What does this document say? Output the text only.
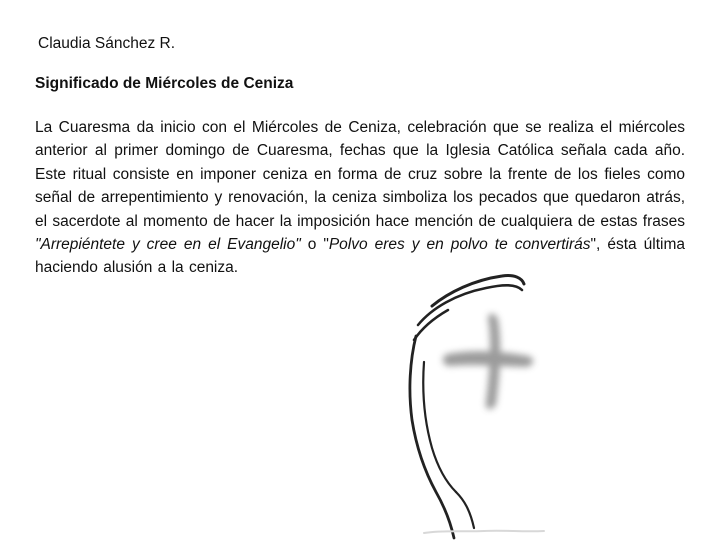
Claudia Sánchez R.
Significado de Miércoles de Ceniza

La Cuaresma da inicio con el Miércoles de Ceniza, celebración que se realiza el miércoles anterior al primer domingo de Cuaresma, fechas que la Iglesia Católica señala cada año. Este ritual consiste en imponer ceniza en forma de cruz sobre la frente de los fieles como señal de arrepentimiento y renovación, la ceniza simboliza los pecados que quedaron atrás, el sacerdote al momento de hacer la imposición hace mención de cualquiera de estas frases "Arrepiéntete y cree en el Evangelio" o "Polvo eres y en polvo te convertirás", ésta última haciendo alusión a la ceniza.
